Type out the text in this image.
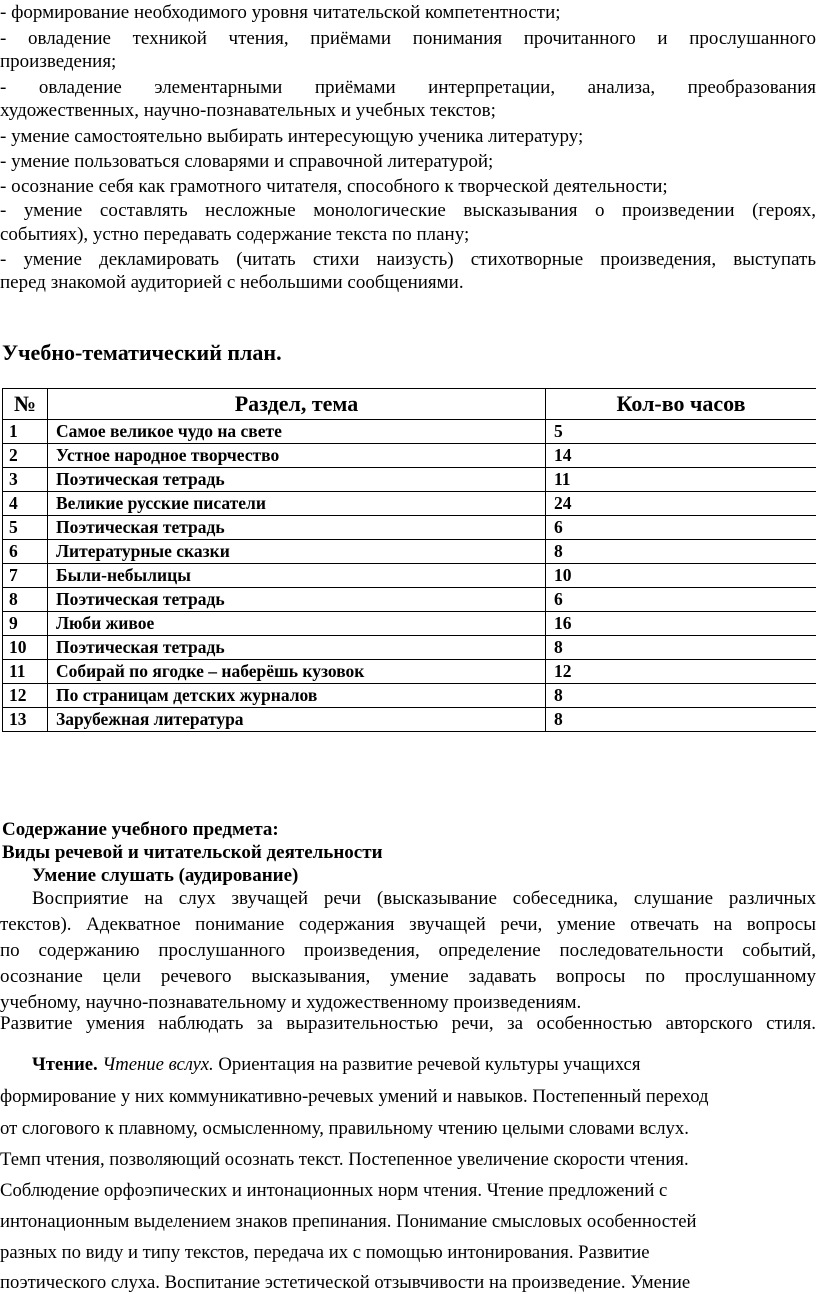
- формирование необходимого уровня читательской компетентности;
- овладение техникой чтения, приёмами понимания прочитанного и прослушанного
произведения;
- овладение элементарными приёмами интерпретации, анализа, преобразования
художественных, научно-познавательных и учебных текстов;
- умение самостоятельно выбирать интересующую ученика литературу;
- умение пользоваться словарями и справочной литературой;
- осознание себя как грамотного читателя, способного к творческой деятельности;
- умение составлять несложные монологические высказывания о произведении (героях,
событиях), устно передавать содержание текста по плану;
- умение декламировать (читать стихи наизусть) стихотворные произведения, выступать
перед знакомой аудиторией с небольшими сообщениями.
Учебно-тематический план.
№	Раздел, тема	Кол-во часов
1	Самое великое чудо на свете	5
2	Устное народное творчество	14
3	Поэтическая тетрадь	11
4	Великие русские писатели	24
5	Поэтическая тетрадь	6
6	Литературные сказки	8
7	Были-небылицы	10
8	Поэтическая тетрадь	6
9	Люби живое	16
10	Поэтическая тетрадь	8
11	Собирай по ягодке – наберёшь кузовок	12
12	По страницам детских журналов	8
13	Зарубежная литература	8
Содержание учебного предмета:
Виды речевой и читательской деятельности
Умение слушать (аудирование)
Восприятие на слух звучащей речи (высказывание собеседника, слушание различных
текстов). Адекватное понимание содержания звучащей речи, умение отвечать на вопросы
по содержанию прослушанного произведения, определение последовательности событий,
осознание цели речевого высказывания, умение задавать вопросы по прослушанному
учебному, научно-познавательному и художественному произведениям.
Развитие умения наблюдать за выразительностью речи, за особенностью авторского стиля.
Чтение. Чтение вслух. Ориентация на развитие речевой культуры учащихся
формирование у них коммуникативно-речевых умений и навыков. Постепенный переход
от слогового к плавному, осмысленному, правильному чтению целыми словами вслух.
Темп чтения, позволяющий осознать текст. Постепенное увеличение скорости чтения.
Соблюдение орфоэпических и интонационных норм чтения. Чтение предложений с
интонационным выделением знаков препинания. Понимание смысловых особенностей
разных по виду и типу текстов, передача их с помощью интонирования. Развитие
поэтического слуха. Воспитание эстетической отзывчивости на произведение. Умение
